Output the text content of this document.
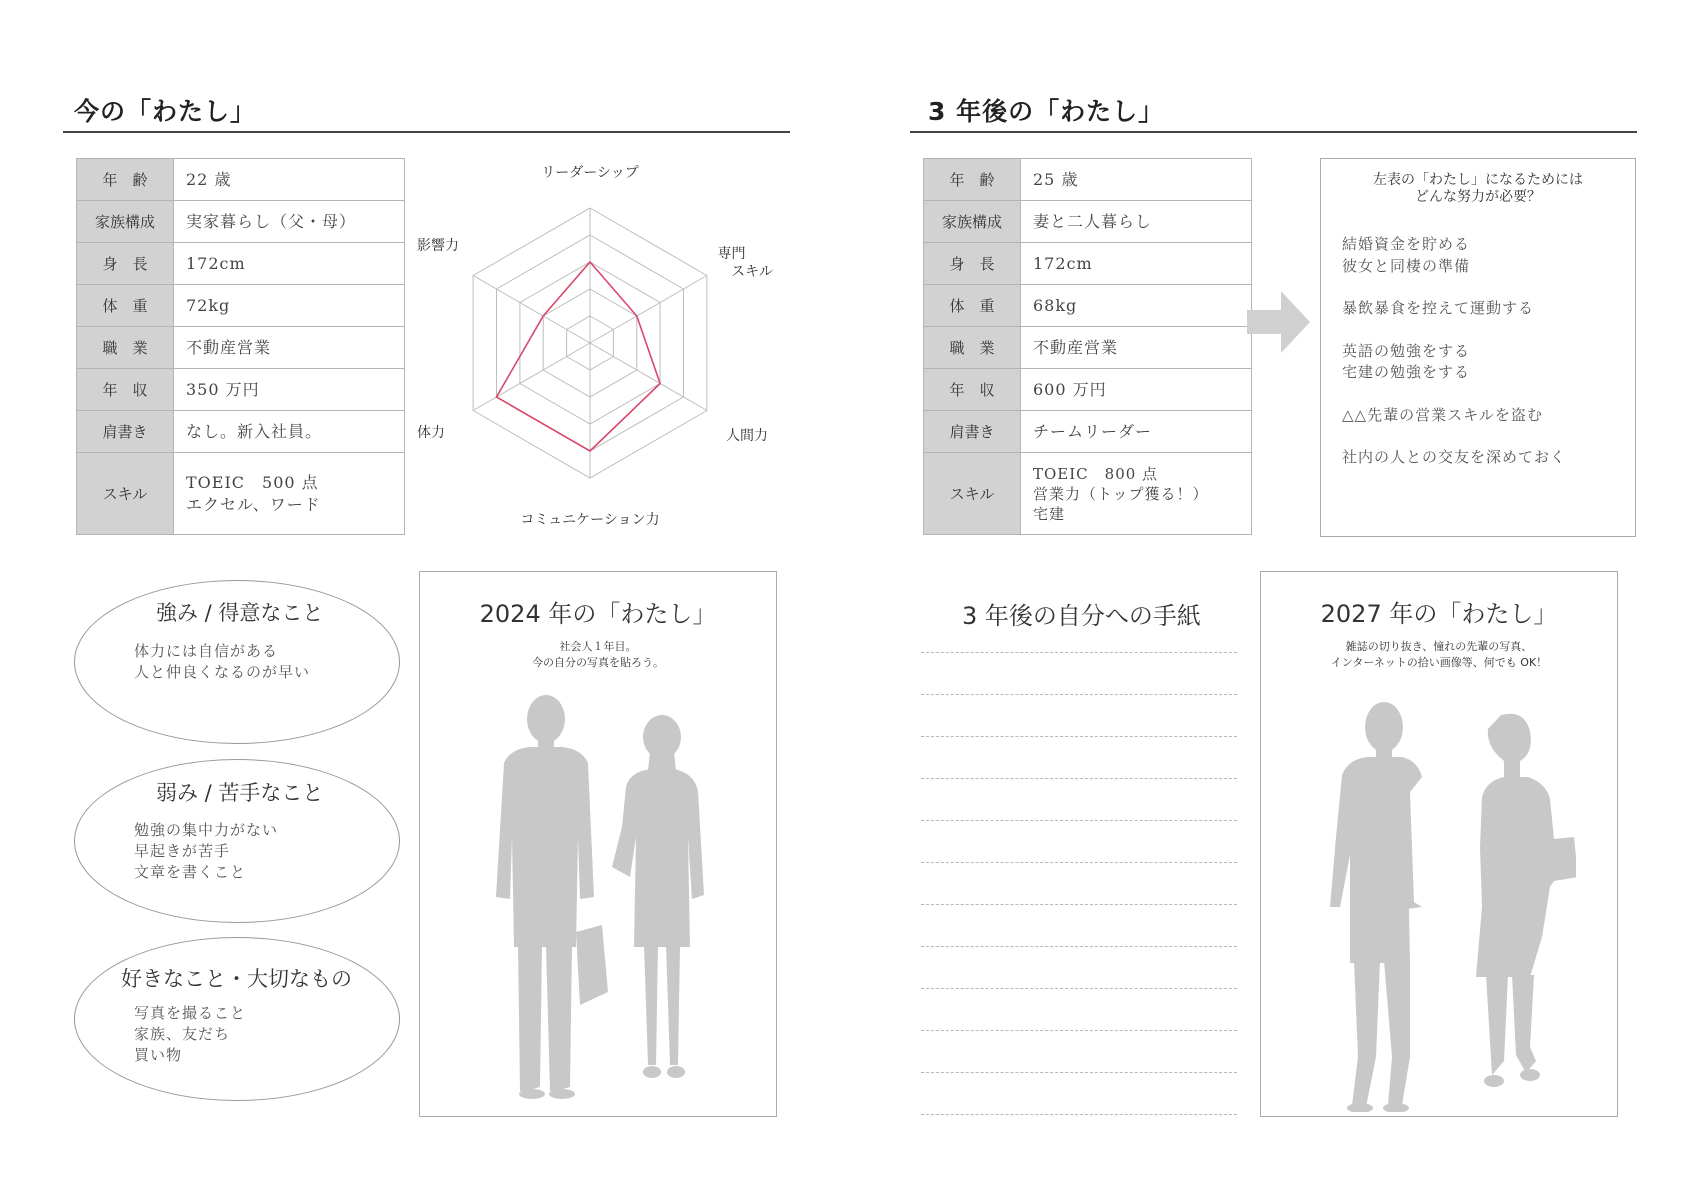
今の「わたし」
年　齢	22 歳
家族構成	実家暮らし（父・母）
身　長	172cm
体　重	72kg
職　業	不動産営業
年　収	350 万円
肩書き	なし。新入社員。
スキル	TOEIC　500 点
エクセル、ワード
リーダーシップ
専門 スキル
人間力
コミュニケーション力
体力
影響力
強み / 得意なこと
体力には自信がある
人と仲良くなるのが早い
弱み / 苦手なこと
勉強の集中力がない
早起きが苦手
文章を書くこと
好きなこと・大切なもの
写真を撮ること
家族、友だち
買い物
2024 年の「わたし」
社会人１年目。
今の自分の写真を貼ろう。
3 年後の「わたし」
年　齢	25 歳
家族構成	妻と二人暮らし
身　長	172cm
体　重	68kg
職　業	不動産営業
年　収	600 万円
肩書き	チームリーダー
スキル	TOEIC　800 点
営業力（トップ獲る！）
宅建
左表の「わたし」になるためには
どんな努力が必要？
結婚資金を貯める
彼女と同棲の準備
暴飲暴食を控えて運動する
英語の勉強をする
宅建の勉強をする
△△先輩の営業スキルを盗む
社内の人との交友を深めておく
3 年後の自分への手紙	2027 年の「わたし」
雑誌の切り抜き、憧れの先輩の写真、
インターネットの拾い画像等、何でも OK！
